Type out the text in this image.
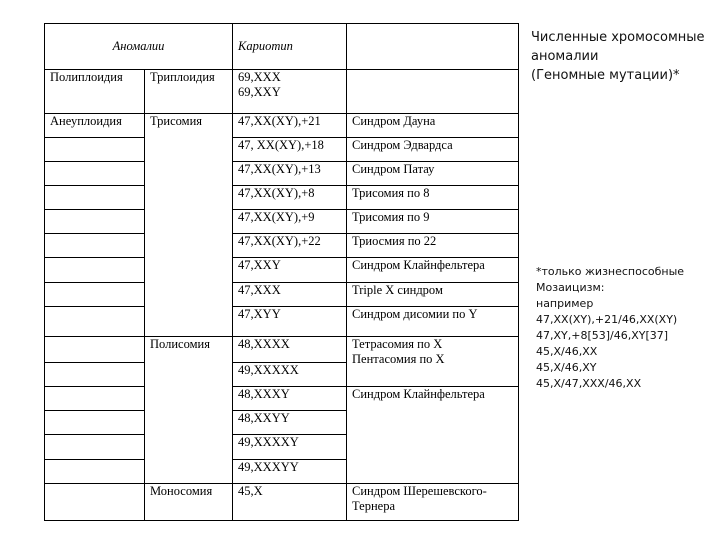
Аномалии		Кариотип	
Полиплоидия	Триплоидия	69,XXX
69,XXY	

Анеуплоидия	Трисомия	47,XX(XY),+21	Синдром Дауна
		47, XX(XY),+18	Синдром Эдвардса
		47,XX(XY),+13	Синдром Патау
		47,XX(XY),+8	Трисомия по 8
		47,XX(XY),+9	Трисомия по 9
		47,XX(XY),+22	Триосмия по 22
		47,XXY	Синдром Клайнфельтера
		47,XXX	Triple X синдром
		47,XYY	Синдром дисомии по Y
	Полисомия	48,XXXX	Тетрасомия по Х
Пентасомия по Х

		49,XXXXX	
		48,XXXY	Синдром Клайнфельтера
		48,XXYY	
		49,XXXXY	
		49,XXXYY	
	Моносомия	45,X	Синдром Шерешевского-
Тернера
Численные хромосомные
аномалии
(Геномные мутации)*
*только жизнеспособные
Мозаицизм:
например
47,XX(XY),+21/46,XX(XY)
47,XY,+8[53]/46,XY[37]
45,X/46,XX
45,X/46,XY
45,X/47,XXX/46,XX
